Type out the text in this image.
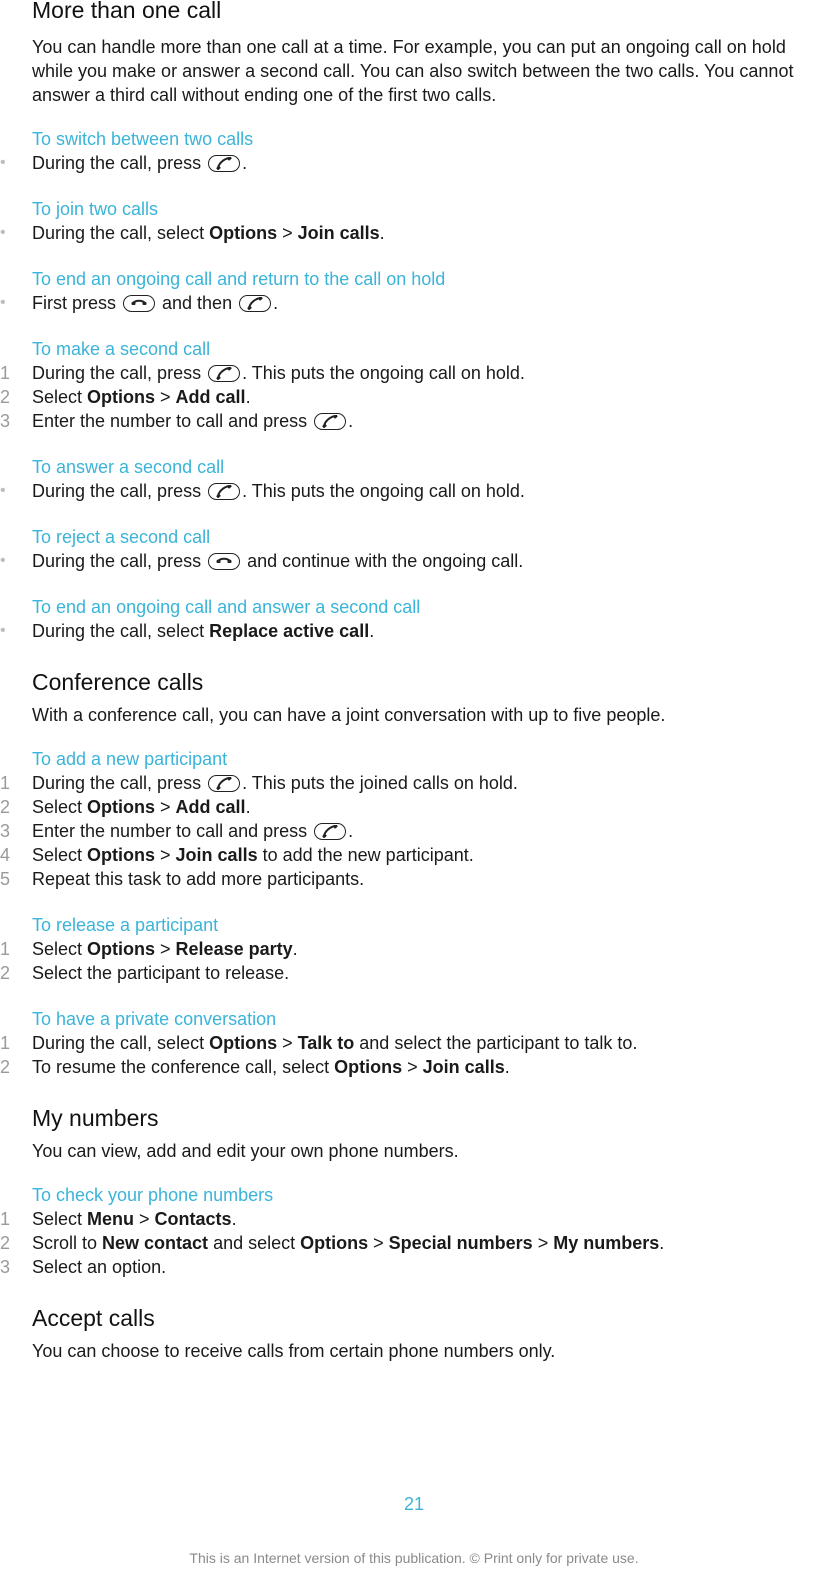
More than one call

You can handle more than one call at a time. For example, you can put an ongoing call on hold while you make or answer a second call. You can also switch between the two calls. You cannot answer a third call without ending one of the first two calls.

To switch between two calls
•	During the call, press
.
To join two calls
•	During the call, select Options > Join calls.
To end an ongoing call and return to the call on hold
•	First press
and then
.
To make a second call
1 During the call, press
. This puts the ongoing call on hold.
2 Select Options > Add call.
3 Enter the number to call and press
.
To answer a second call
•	During the call, press
. This puts the ongoing call on hold.
To reject a second call
•	During the call, press
and continue with the ongoing call.
To end an ongoing call and answer a second call
•	During the call, select Replace active call.
Conference calls

With a conference call, you can have a joint conversation with up to five people.

To add a new participant
1 During the call, press
. This puts the joined calls on hold.
2 Select Options > Add call.
3 Enter the number to call and press
.
4 Select Options > Join calls to add the new participant.
5 Repeat this task to add more participants.
To release a participant
1 Select Options > Release party.
2 Select the participant to release.
To have a private conversation
1 During the call, select Options > Talk to and select the participant to talk to.
2 To resume the conference call, select Options > Join calls.
My numbers

You can view, add and edit your own phone numbers.

To check your phone numbers
1 Select Menu > Contacts.
2 Scroll to New contact and select Options > Special numbers > My numbers.
3 Select an option.
Accept calls

You can choose to receive calls from certain phone numbers only.

21
This is an Internet version of this publication. © Print only for private use.
